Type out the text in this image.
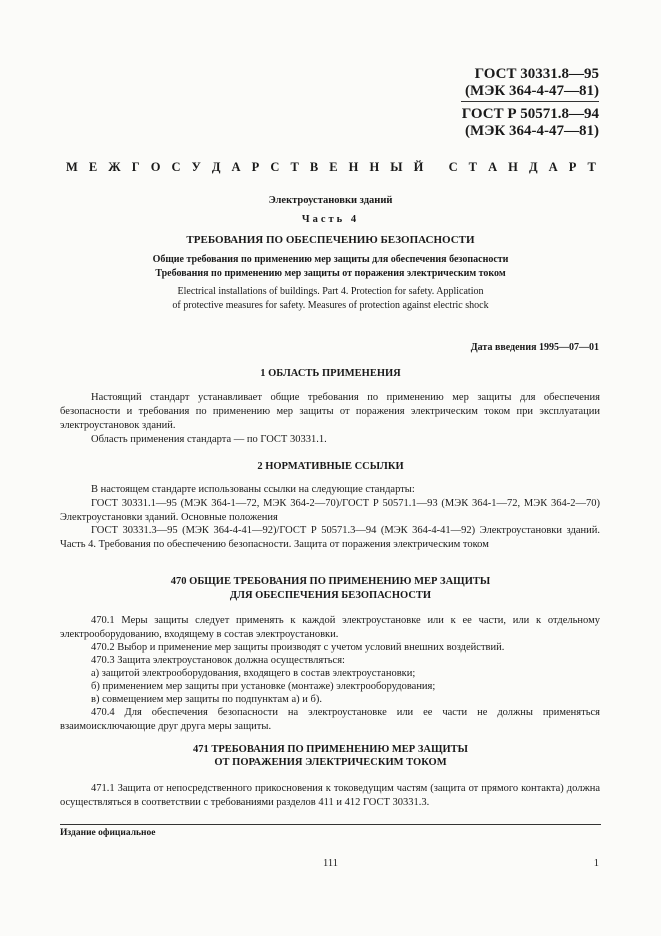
ГОСТ 30331.8—95
(МЭК 364-4-47—81)
ГОСТ Р 50571.8—94
(МЭК 364-4-47—81)
М Е Ж Г О С У Д А Р С Т В Е Н Н Ы Й
С Т А Н Д А Р Т
Электроустановки зданий
Часть 4
ТРЕБОВАНИЯ ПО ОБЕСПЕЧЕНИЮ БЕЗОПАСНОСТИ
Общие требования по применению мер защиты для обеспечения безопасности
Требования по применению мер защиты от поражения электрическим током
Electrical installations of buildings. Part 4. Protection for safety. Application
of protective measures for safety. Measures of protection against electric shock
Дата введения 1995—07—01
1 ОБЛАСТЬ ПРИМЕНЕНИЯ
Настоящий стандарт устанавливает общие требования по применению мер защиты для обеспечения безопасности и требования по применению мер защиты от поражения электрическим током при эксплуатации электроустановок зданий.
Область применения стандарта — по ГОСТ 30331.1.
2 НОРМАТИВНЫЕ ССЫЛКИ
В настоящем стандарте использованы ссылки на следующие стандарты:
ГОСТ 30331.1—95 (МЭК 364-1—72, МЭК 364-2—70)/ГОСТ Р 50571.1—93 (МЭК 364-1—72, МЭК 364-2—70) Электроустановки зданий. Основные положения
ГОСТ 30331.3—95 (МЭК 364-4-41—92)/ГОСТ Р 50571.3—94 (МЭК 364-4-41—92) Электроустановки зданий. Часть 4. Требования по обеспечению безопасности. Защита от поражения электрическим током
470 ОБЩИЕ ТРЕБОВАНИЯ ПО ПРИМЕНЕНИЮ МЕР ЗАЩИТЫ
ДЛЯ ОБЕСПЕЧЕНИЯ БЕЗОПАСНОСТИ
470.1 Меры защиты следует применять к каждой электроустановке или к ее части, или к отдельному электрооборудованию, входящему в состав электроустановки.
470.2 Выбор и применение мер защиты производят с учетом условий внешних воздействий.
470.3 Защита электроустановок должна осуществляться:
а) защитой электрооборудования, входящего в состав электроустановки;
б) применением мер защиты при установке (монтаже) электрооборудования;
в) совмещением мер защиты по подпунктам а) и б).
470.4 Для обеспечения безопасности на электроустановке или ее части не должны применяться взаимоисключающие друг друга меры защиты.
471 ТРЕБОВАНИЯ ПО ПРИМЕНЕНИЮ МЕР ЗАЩИТЫ
ОТ ПОРАЖЕНИЯ ЭЛЕКТРИЧЕСКИМ ТОКОМ
471.1 Защита от непосредственного прикосновения к токоведущим частям (защита от прямого контакта) должна осуществляться в соответствии с требованиями разделов 411 и 412 ГОСТ 30331.3.
Издание официальное
111	1
